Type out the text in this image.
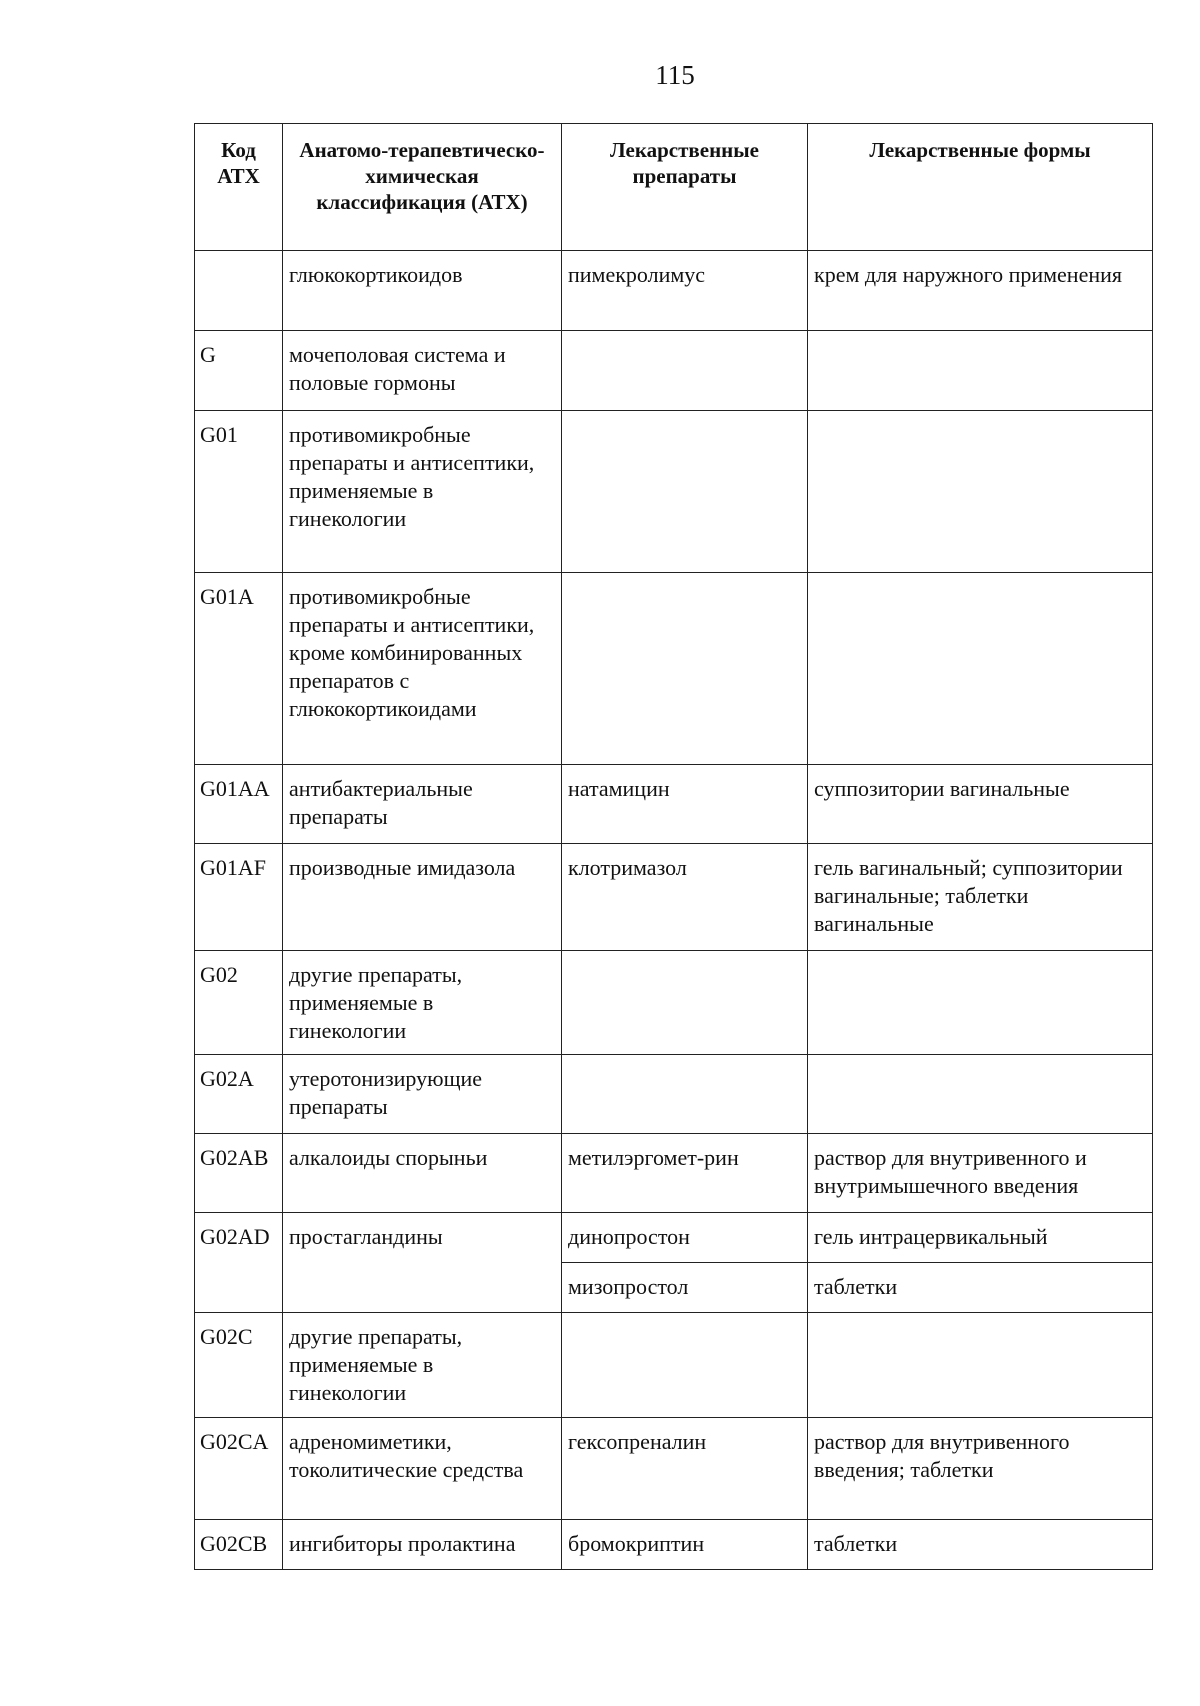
115
Код АТХ	Анатомо-терапевтическо-химическая классификация (АТХ)	Лекарственные препараты	Лекарственные формы
	глюкокортикоидов	пимекролимус	крем для наружного применения
G	мочеполовая система и половые гормоны		
G01	противомикробные препараты и антисептики, применяемые в гинекологии		
G01A	противомикробные препараты и антисептики, кроме комбинированных препаратов с глюкокортикоидами		
G01AA	антибактериальные препараты	натамицин	суппозитории вагинальные
G01AF	производные имидазола	клотримазол	гель вагинальный; суппозитории вагинальные; таблетки вагинальные
G02	другие препараты, применяемые в гинекологии		
G02A	утеротонизирующие препараты		
G02AB	алкалоиды спорыньи	метилэргомет-рин	раствор для внутривенного и внутримышечного введения
G02AD	простагландины	динопростон	гель интрацервикальный
		мизопростол	таблетки
G02C	другие препараты, применяемые в гинекологии		
G02CA	адреномиметики, токолитические средства	гексопреналин	раствор для внутривенного введения; таблетки
G02CB	ингибиторы пролактина	бромокриптин	таблетки
